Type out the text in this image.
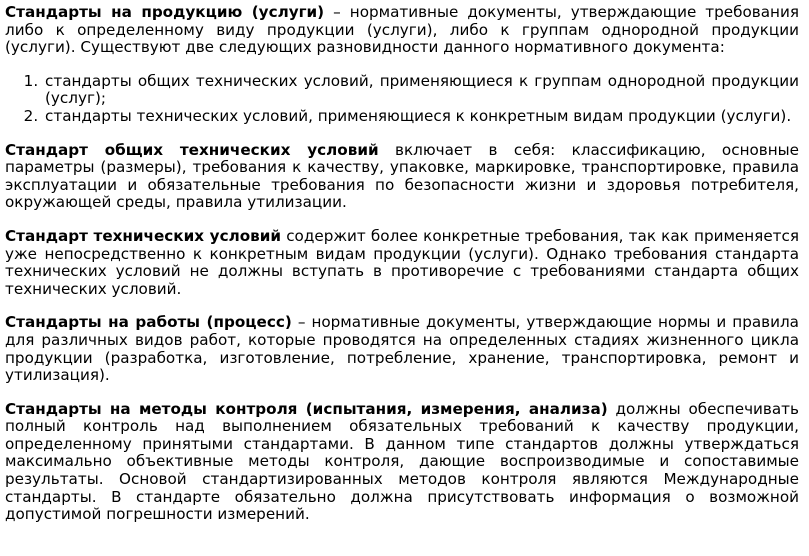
Стандарты на продукцию (услуги) – нормативные документы, утверждающие требования либо к определенному виду продукции (услуги), либо к группам однородной продукции (услуги). Существуют две следующих разновидности данного нормативного документа:

1. стандарты общих технических условий, применяющиеся к группам однородной продукции (услуг);
2. стандарты технических условий, применяющиеся к конкретным видам продукции (услуги).

Стандарт общих технических условий включает в себя: классификацию, основные параметры (размеры), требования к качеству, упаковке, маркировке, транспортировке, правила эксплуатации и обязательные требования по безопасности жизни и здоровья потребителя, окружающей среды, правила утилизации.

Стандарт технических условий содержит более конкретные требования, так как применяется уже непосредственно к конкретным видам продукции (услуги). Однако требования стандарта технических условий не должны вступать в противоречие с требованиями стандарта общих технических условий.

Стандарты на работы (процесс) – нормативные документы, утверждающие нормы и правила для различных видов работ, которые проводятся на определенных стадиях жизненного цикла продукции (разработка, изготовление, потребление, хранение, транспортировка, ремонт и утилизация).

Стандарты на методы контроля (испытания, измерения, анализа) должны обеспечивать полный контроль над выполнением обязательных требований к качеству продукции, определенному принятыми стандартами. В данном типе стандартов должны утверждаться максимально объективные методы контроля, дающие воспроизводимые и сопоставимые результаты. Основой стандартизированных методов контроля являются Международные стандарты. В стандарте обязательно должна присутствовать информация о возможной допустимой погрешности измерений.
